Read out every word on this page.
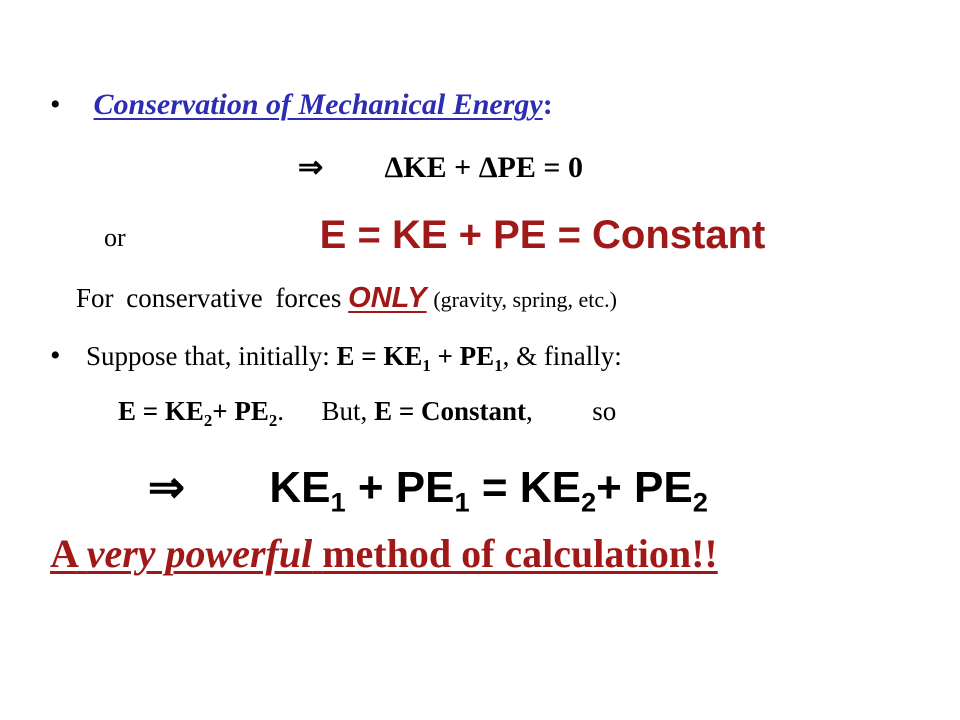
• Conservation of Mechanical Energy:
⇒ ΔKE + ΔPE = 0
or	E = KE + PE = Constant
For conservative forces ONLY (gravity, spring, etc.)
• Suppose that, initially: $E = KE_1 + PE_1$, & finally:
$E = KE_2+ PE_2$. But, E = Constant, so
⇒ $KE_1 + PE_1 = KE_2+ PE_2$
A very powerful method of calculation!!
